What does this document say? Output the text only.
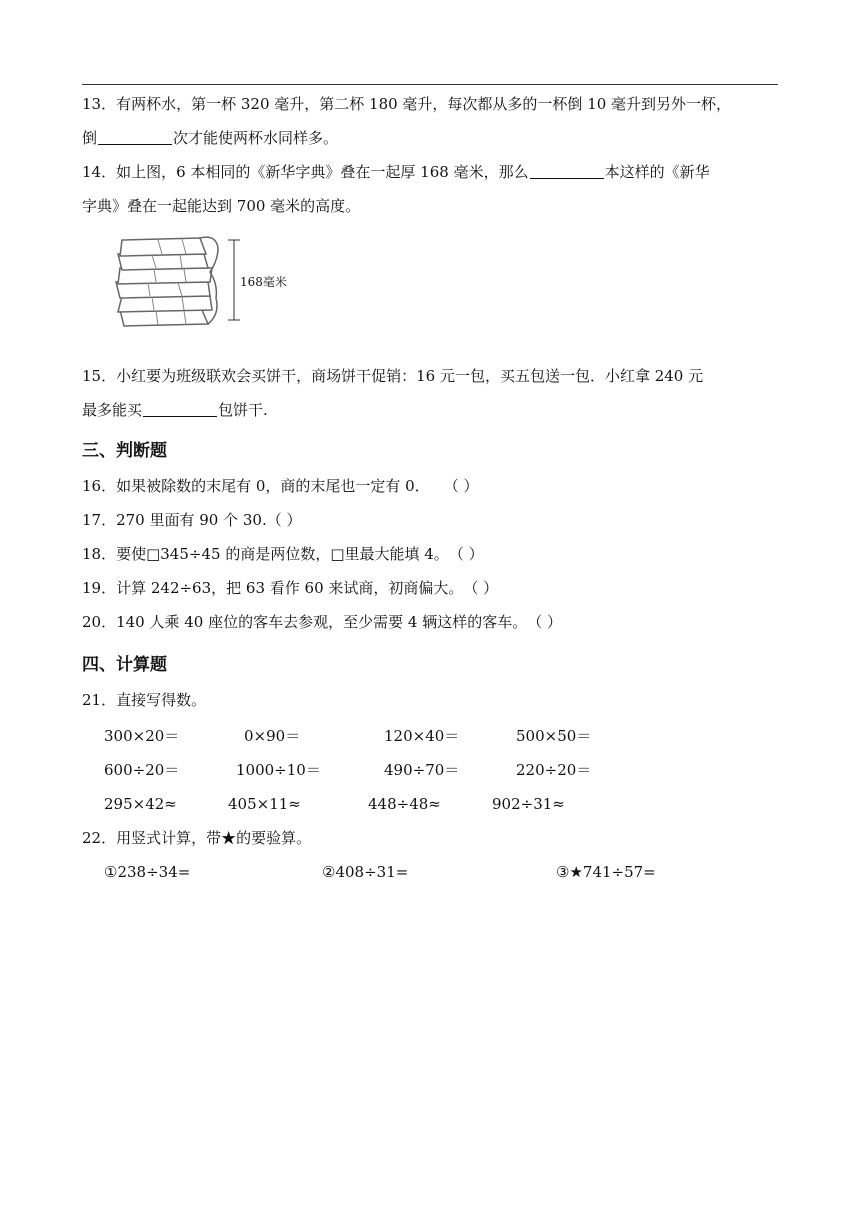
13．有两杯水，第一杯 320 毫升，第二杯 180 毫升，每次都从多的一杯倒 10 毫升到另外一杯，
倒	次才能使两杯水同样多。
14．如上图，6 本相同的《新华字典》叠在一起厚 168 毫米，那么	本这样的《新华
字典》叠在一起能达到 700 毫米的高度。
168毫米
15．小红要为班级联欢会买饼干，商场饼干促销：16 元一包，买五包送一包．小红拿 240 元
最多能买	包饼干.
三、判断题
16．如果被除数的末尾有 0，商的末尾也一定有 0． （ ）
17．270 里面有 90 个 30.（ ）
18．要使□345÷45 的商是两位数，□里最大能填 4。（ ）
19．计算 242÷63，把 63 看作 60 来试商，初商偏大。（ ）
20．140 人乘 40 座位的客车去参观，至少需要 4 辆这样的客车。（ ）
四、计算题
21．直接写得数。
300×20＝	0×90＝	120×40＝	500×50＝
600÷20＝	1000÷10＝	490÷70＝	220÷20＝
295×42≈	405×11≈	448÷48≈	902÷31≈
22．用竖式计算，带★的要验算。
①238÷34=	②408÷31=	③★741÷57=
